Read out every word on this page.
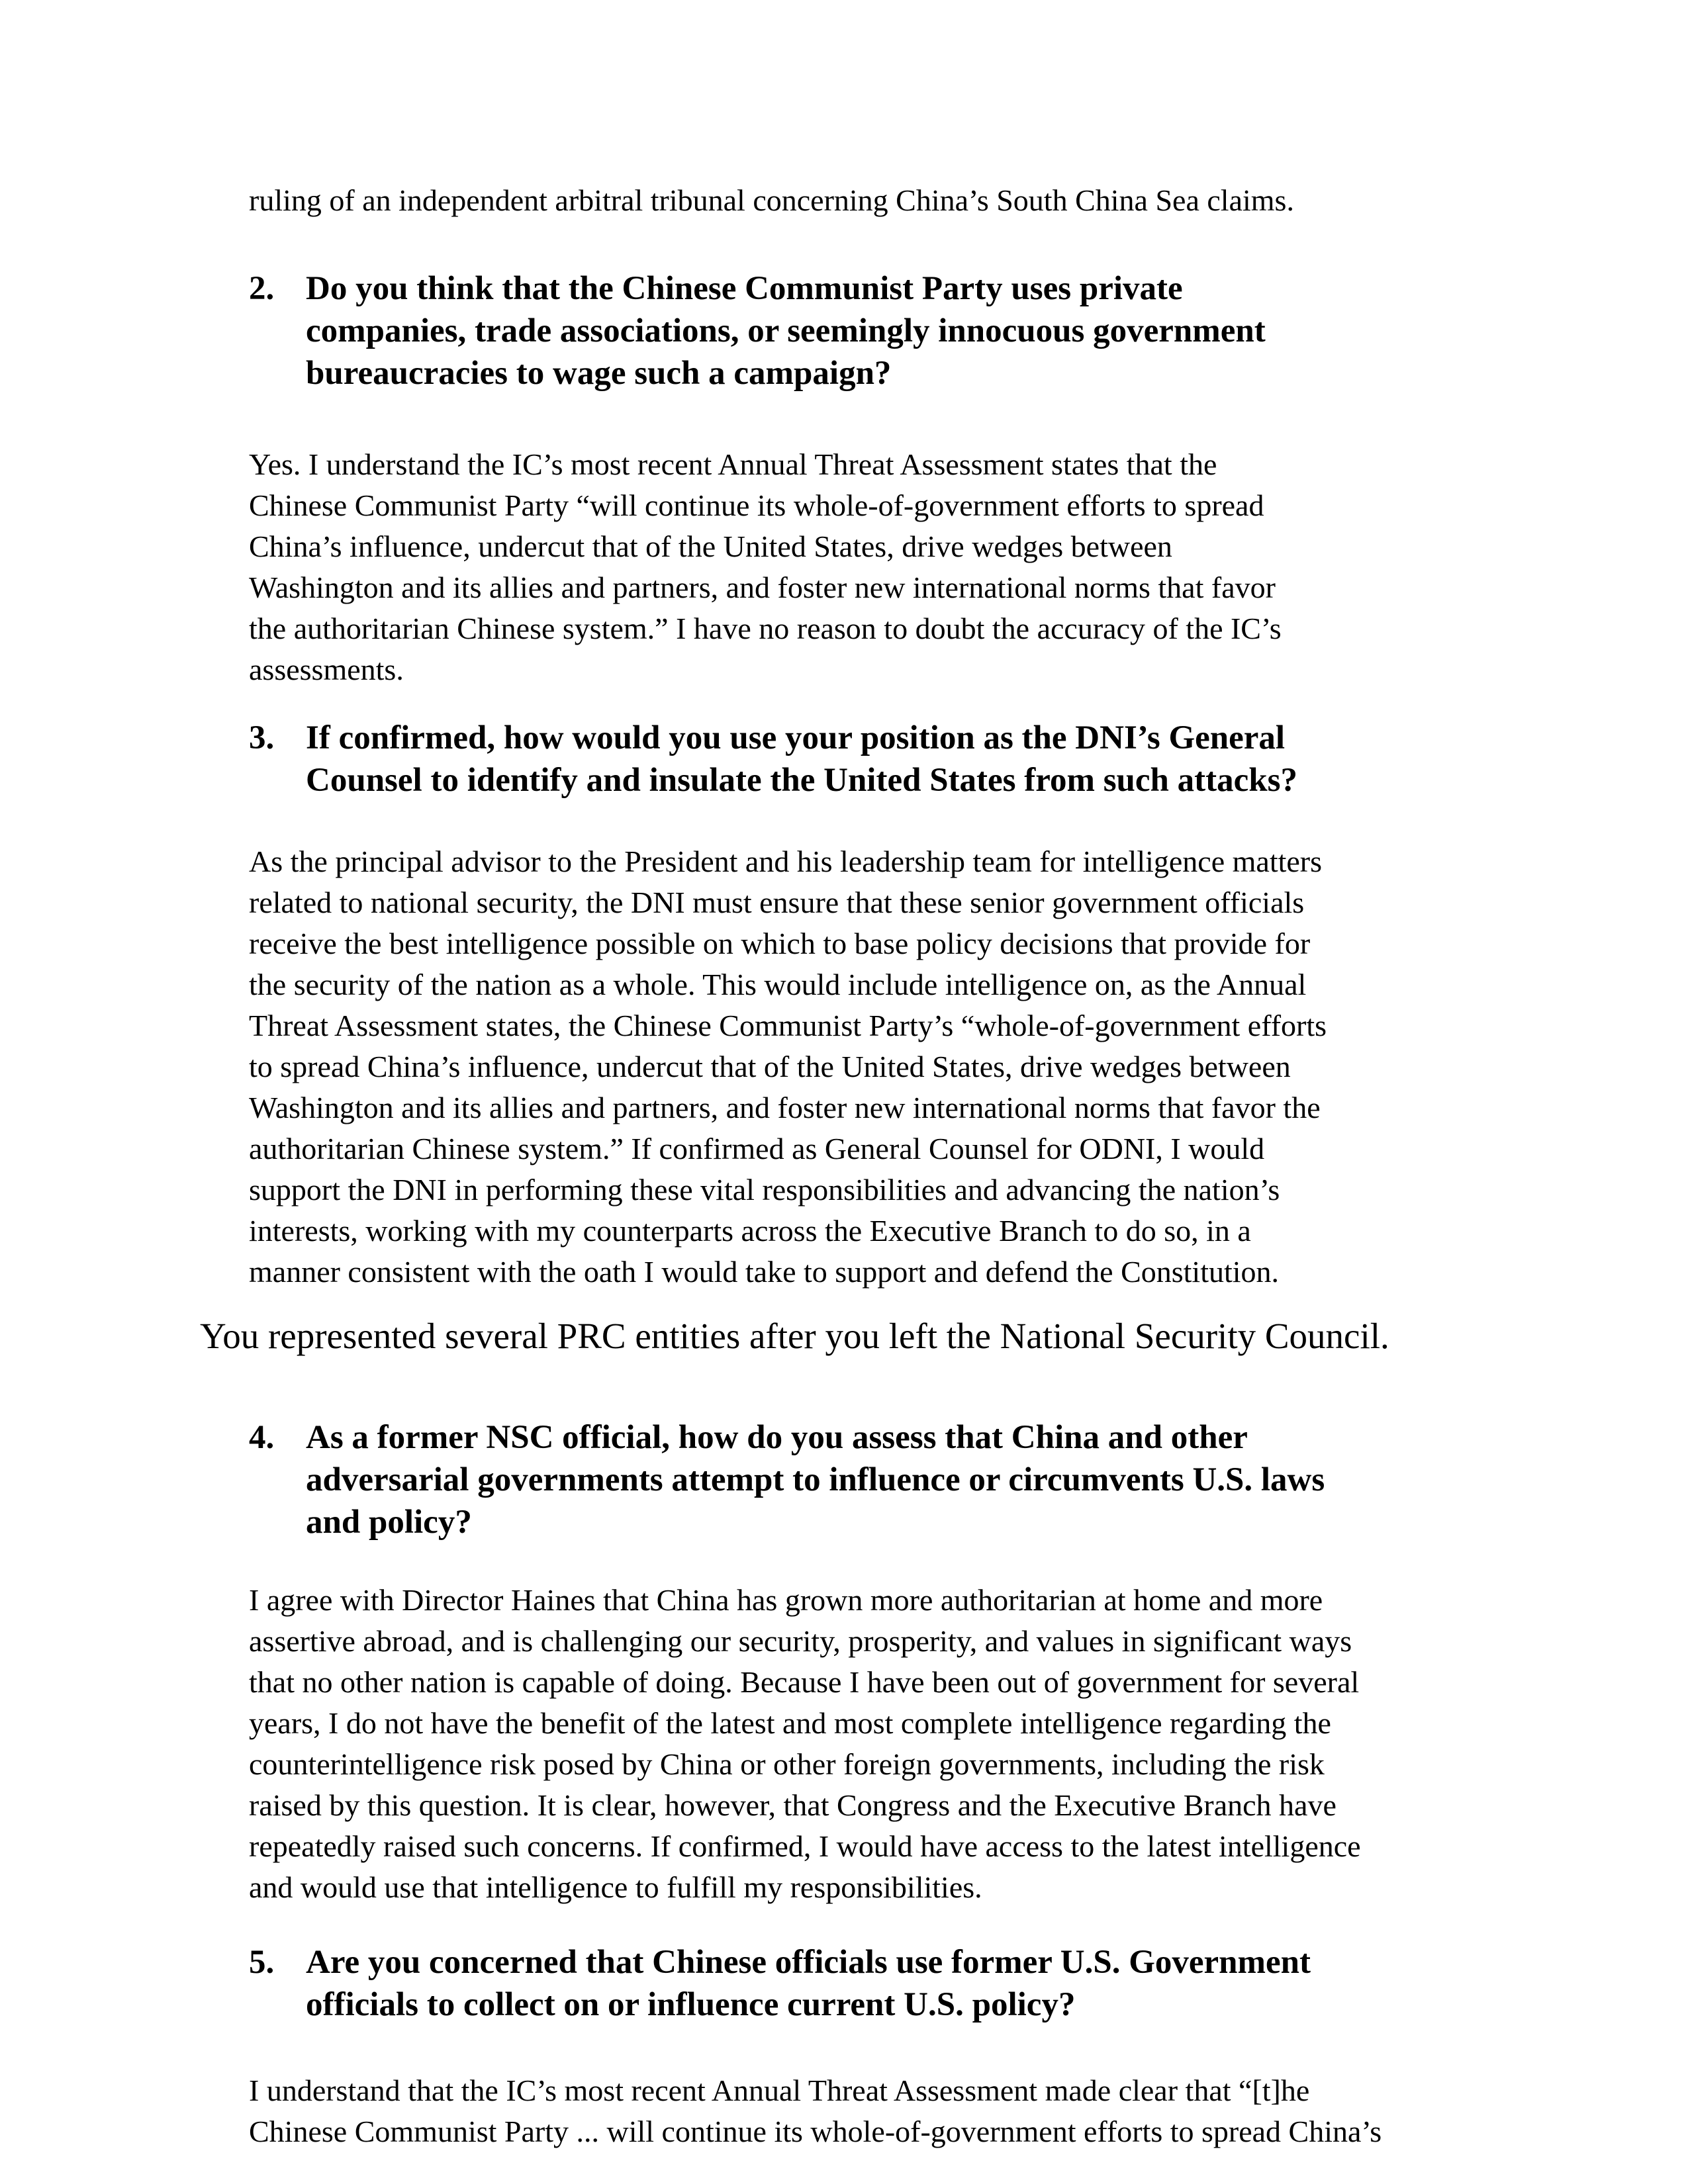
ruling of an independent arbitral tribunal concerning China’s South China Sea claims.
2. Do you think that the Chinese Communist Party uses private
companies, trade associations, or seemingly innocuous government
bureaucracies to wage such a campaign?
Yes. I understand the IC’s most recent Annual Threat Assessment states that the
Chinese Communist Party “will continue its whole-of-government efforts to spread
China’s influence, undercut that of the United States, drive wedges between
Washington and its allies and partners, and foster new international norms that favor
the authoritarian Chinese system.” I have no reason to doubt the accuracy of the IC’s
assessments.
3. If confirmed, how would you use your position as the DNI’s General
Counsel to identify and insulate the United States from such attacks?
As the principal advisor to the President and his leadership team for intelligence matters
related to national security, the DNI must ensure that these senior government officials
receive the best intelligence possible on which to base policy decisions that provide for
the security of the nation as a whole. This would include intelligence on, as the Annual
Threat Assessment states, the Chinese Communist Party’s “whole-of-government efforts
to spread China’s influence, undercut that of the United States, drive wedges between
Washington and its allies and partners, and foster new international norms that favor the
authoritarian Chinese system.” If confirmed as General Counsel for ODNI, I would
support the DNI in performing these vital responsibilities and advancing the nation’s
interests, working with my counterparts across the Executive Branch to do so, in a
manner consistent with the oath I would take to support and defend the Constitution.
You represented several PRC entities after you left the National Security Council.
4. As a former NSC official, how do you assess that China and other
adversarial governments attempt to influence or circumvents U.S. laws
and policy?
I agree with Director Haines that China has grown more authoritarian at home and more
assertive abroad, and is challenging our security, prosperity, and values in significant ways
that no other nation is capable of doing. Because I have been out of government for several
years, I do not have the benefit of the latest and most complete intelligence regarding the
counterintelligence risk posed by China or other foreign governments, including the risk
raised by this question. It is clear, however, that Congress and the Executive Branch have
repeatedly raised such concerns. If confirmed, I would have access to the latest intelligence
and would use that intelligence to fulfill my responsibilities.
5. Are you concerned that Chinese officials use former U.S. Government
officials to collect on or influence current U.S. policy?
I understand that the IC’s most recent Annual Threat Assessment made clear that “[t]he
Chinese Communist Party ... will continue its whole-of-government efforts to spread China’s
